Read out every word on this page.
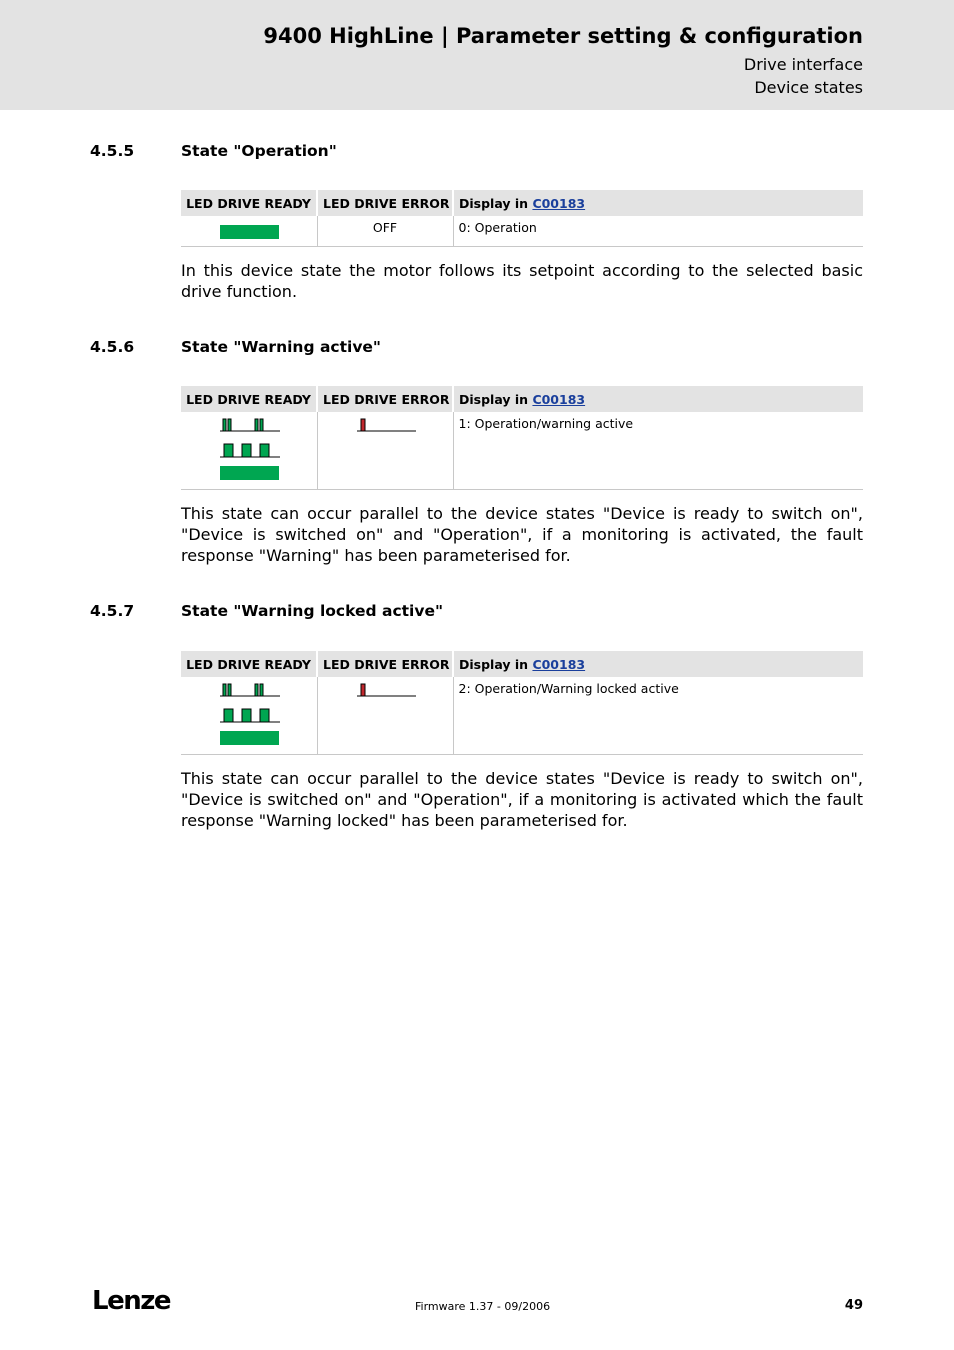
9400 HighLine | Parameter setting & configuration
Drive interface
Device states
4.5.5	State "Operation"
LED DRIVE READY	LED DRIVE ERROR	Display in C00183
	OFF	0: Operation
In this device state the motor follows its setpoint according to the selected basic drive function.
4.5.6	State "Warning active"
LED DRIVE READY	LED DRIVE ERROR	Display in C00183
		1: Operation/warning active
This state can occur parallel to the device states "Device is ready to switch on", "Device is switched on" and "Operation", if a monitoring is activated, the fault response "Warning" has been parameterised for.
4.5.7	State "Warning locked active"
LED DRIVE READY	LED DRIVE ERROR	Display in C00183
		2: Operation/Warning locked active
This state can occur parallel to the device states "Device is ready to switch on", "Device is switched on" and "Operation", if a monitoring is activated which the fault response "Warning locked" has been parameterised for.
Lenze	Firmware 1.37 - 09/2006	49
